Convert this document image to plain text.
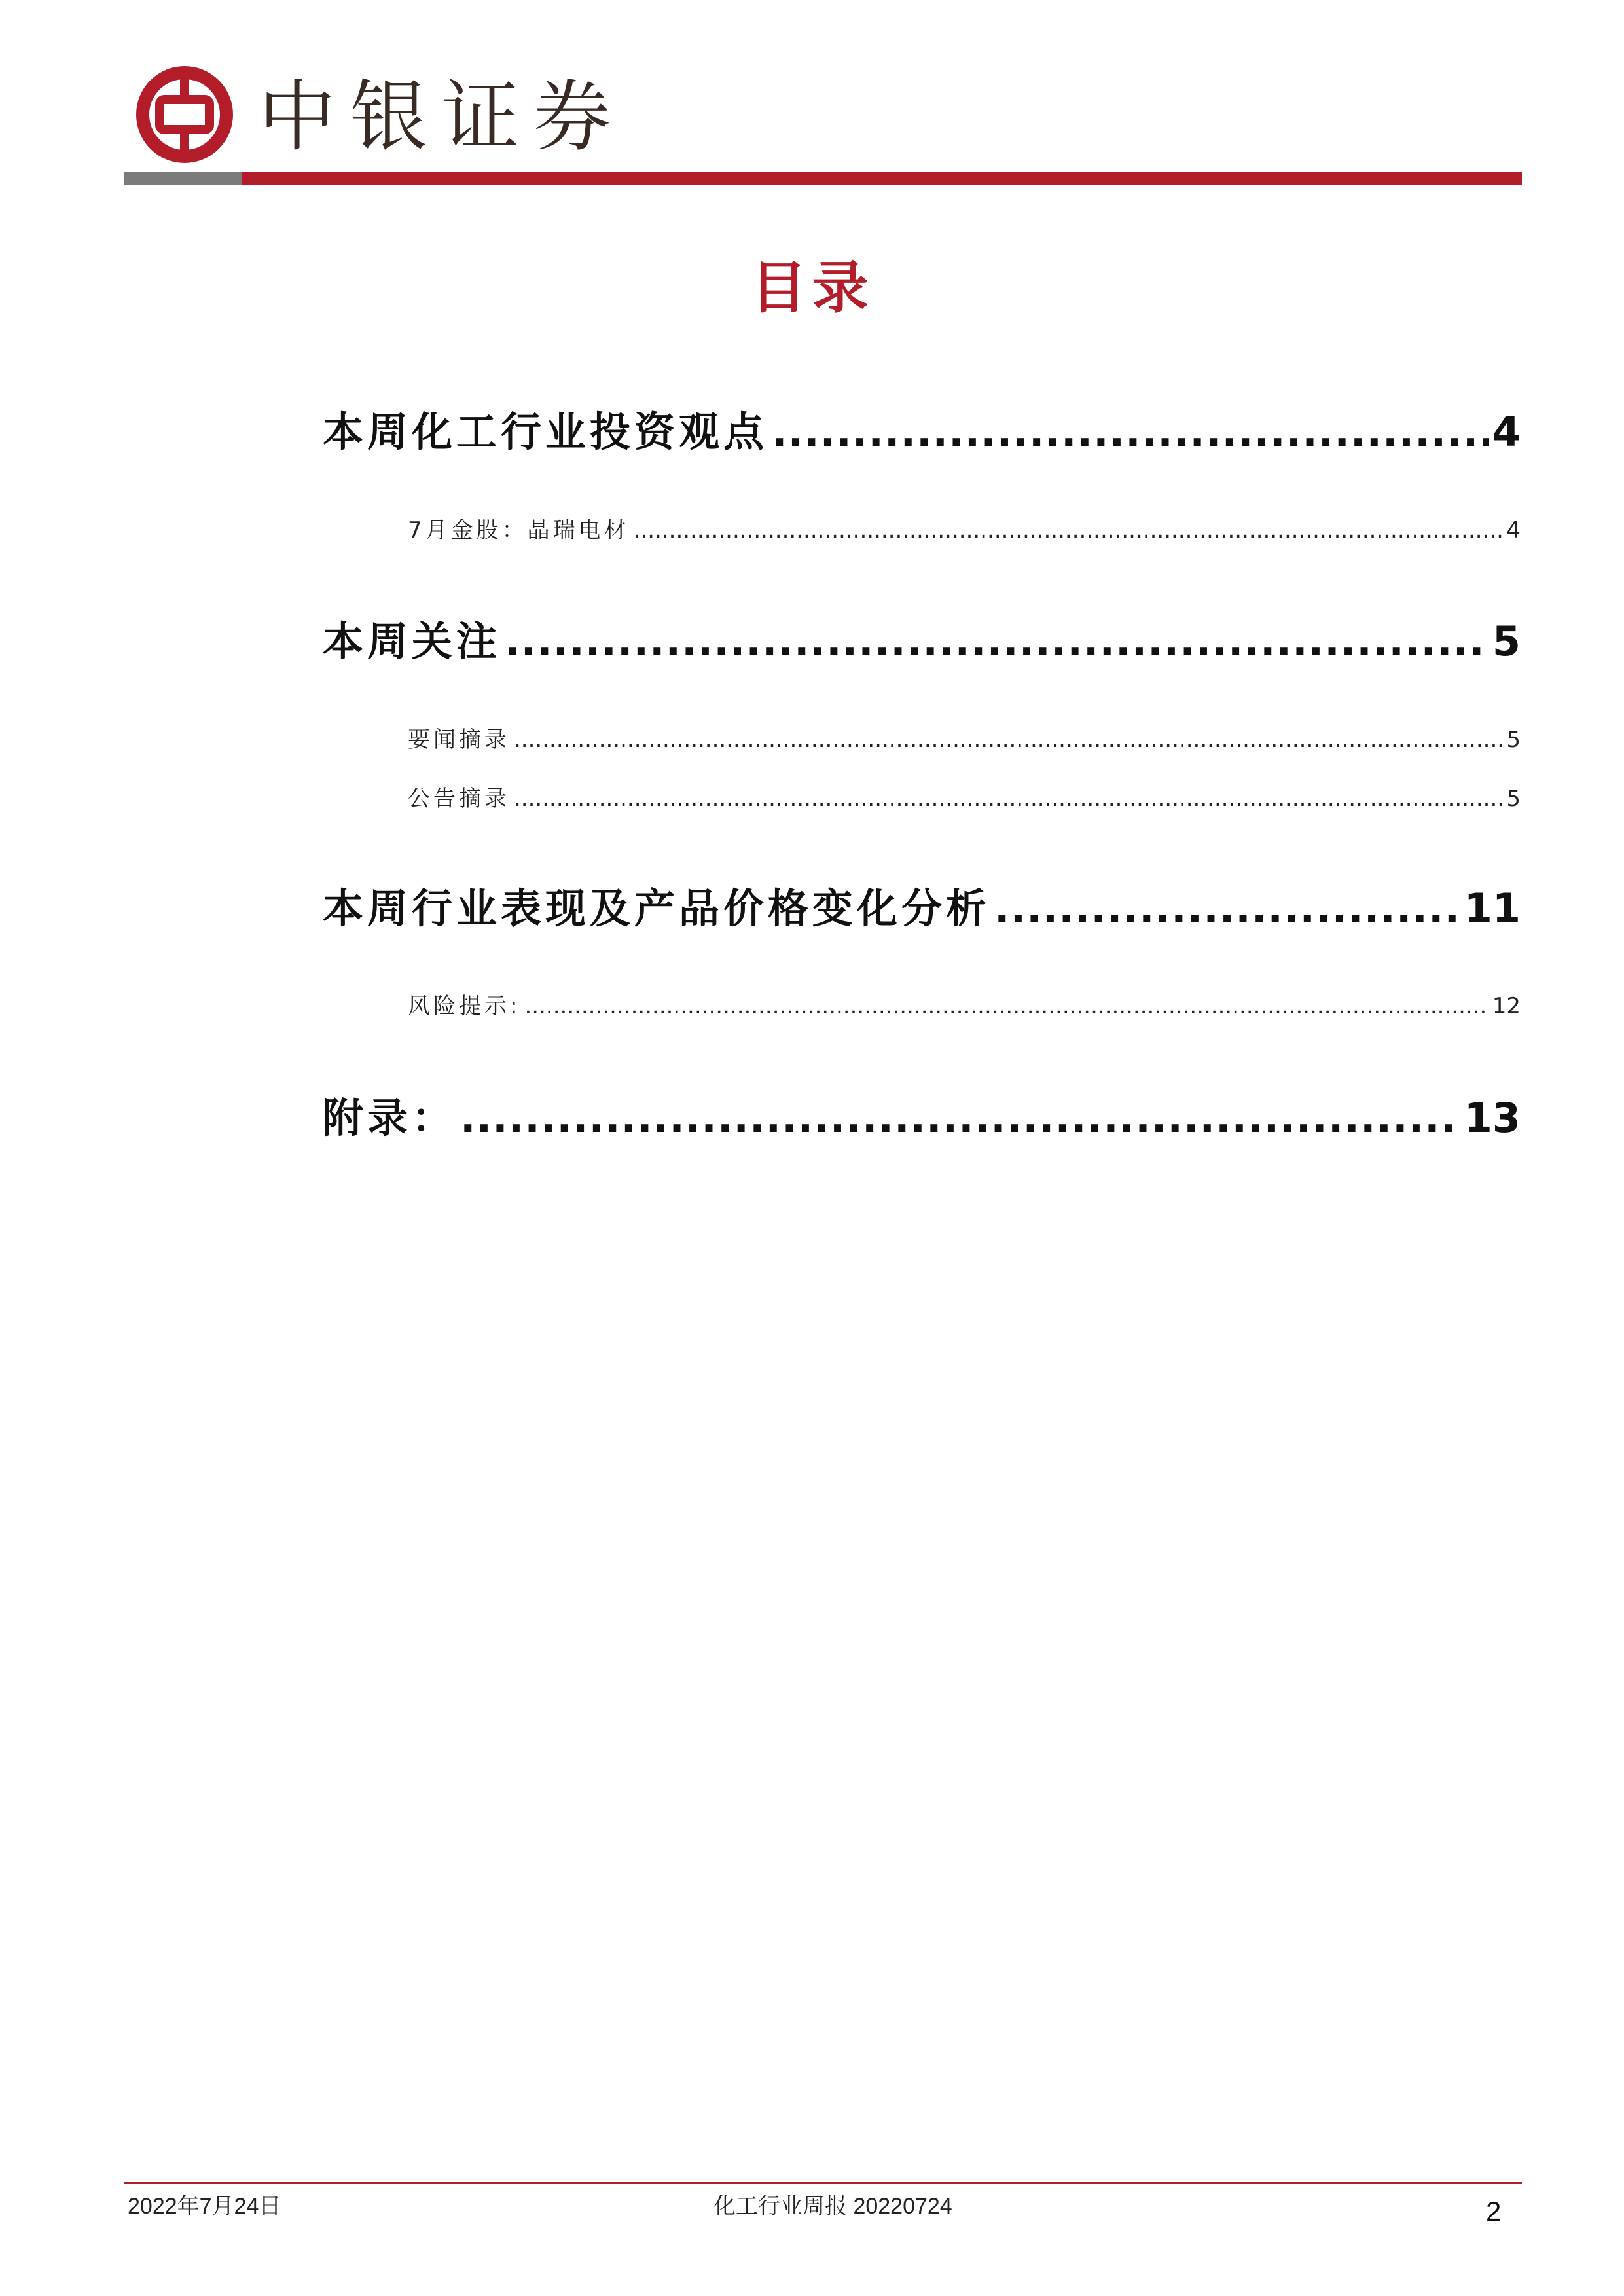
中银证券
目录
本周化工行业投资观点 .....	4
7月金股：晶瑞电材 .....	4
本周关注 .....	5
要闻摘录 .....	5
公告摘录 .....	5
本周行业表现及产品价格变化分析 .....	11
风险提示: .....	12
附录： .....	13
2022年7月24日	化工行业周报 20220724	2
